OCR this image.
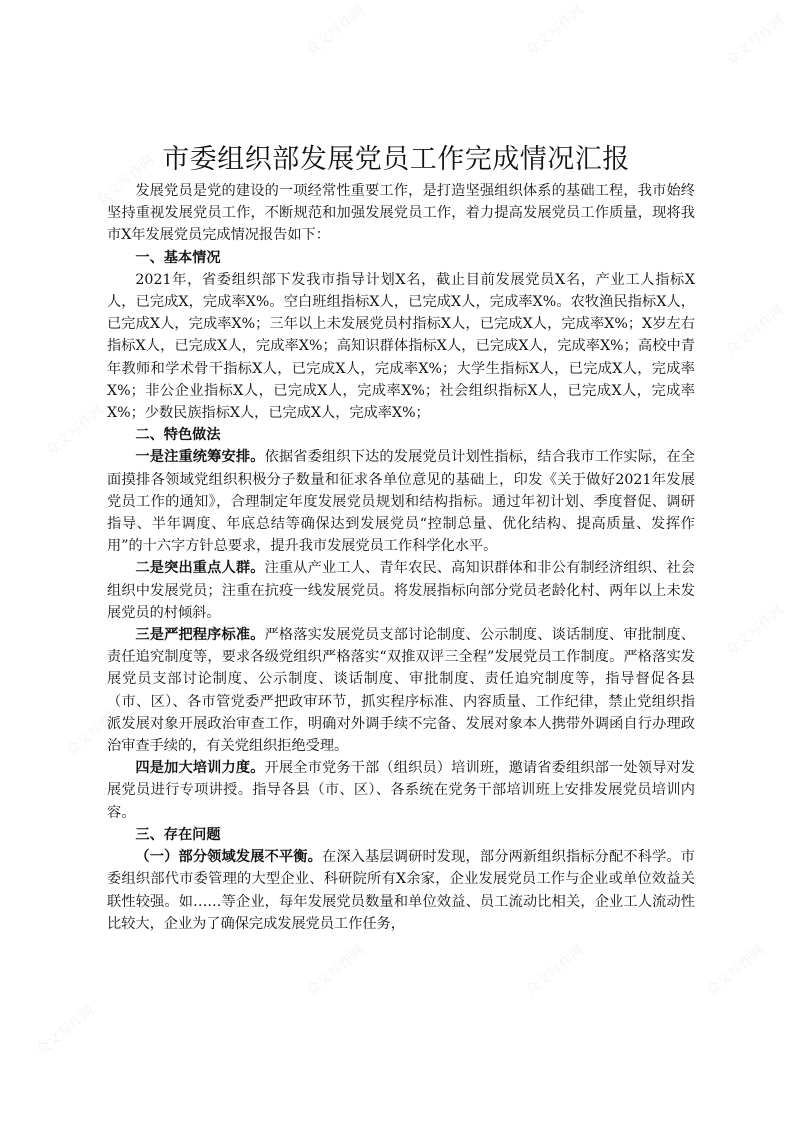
众文写作网	众文写作网	众文写作网
众文写作网
众文写作网
众文写作网
众文写作网
众文写作网
众文写作网	众文写作网	众文写作网
众文写作网
市委组织部发展党员工作完成情况汇报

发展党员是党的建设的一项经常性重要工作，是打造坚强组织体系的基础工程，我市始终坚持重视发展党员工作，不断规范和加强发展党员工作，着力提高发展党员工作质量，现将我市X年发展党员完成情况报告如下：

一、基本情况

2021年，省委组织部下发我市指导计划X名，截止目前发展党员X名，产业工人指标X人，已完成X，完成率X%。空白班组指标X人，已完成X人，完成率X%。农牧渔民指标X人，已完成X人，完成率X%；三年以上未发展党员村指标X人，已完成X人，完成率X%；X岁左右指标X人，已完成X人，完成率X%；高知识群体指标X人，已完成X人，完成率X%；高校中青年教师和学术骨干指标X人，已完成X人，完成率X%；大学生指标X人，已完成X人，完成率X%；非公企业指标X人，已完成X人，完成率X%；社会组织指标X人，已完成X人，完成率X%；少数民族指标X人，已完成X人，完成率X%；

二、特色做法

一是注重统筹安排。依据省委组织下达的发展党员计划性指标，结合我市工作实际，在全面摸排各领域党组织积极分子数量和征求各单位意见的基础上，印发《关于做好2021年发展党员工作的通知》，合理制定年度发展党员规划和结构指标。通过年初计划、季度督促、调研指导、半年调度、年底总结等确保达到发展党员“控制总量、优化结构、提高质量、发挥作用”的十六字方针总要求，提升我市发展党员工作科学化水平。

二是突出重点人群。注重从产业工人、青年农民、高知识群体和非公有制经济组织、社会组织中发展党员；注重在抗疫一线发展党员。将发展指标向部分党员老龄化村、两年以上未发展党员的村倾斜。

三是严把程序标准。严格落实发展党员支部讨论制度、公示制度、谈话制度、审批制度、责任追究制度等，要求各级党组织严格落实“双推双评三全程”发展党员工作制度。严格落实发展党员支部讨论制度、公示制度、谈话制度、审批制度、责任追究制度等，指导督促各县（市、区）、各市管党委严把政审环节，抓实程序标准、内容质量、工作纪律，禁止党组织指派发展对象开展政治审查工作，明确对外调手续不完备、发展对象本人携带外调函自行办理政治审查手续的，有关党组织拒绝受理。

四是加大培训力度。开展全市党务干部（组织员）培训班，邀请省委组织部一处领导对发展党员进行专项讲授。指导各县（市、区）、各系统在党务干部培训班上安排发展党员培训内容。

三、存在问题

（一）部分领域发展不平衡。在深入基层调研时发现，部分两新组织指标分配不科学。市委组织部代市委管理的大型企业、科研院所有X余家，企业发展党员工作与企业或单位效益关联性较强。如……等企业，每年发展党员数量和单位效益、员工流动比相关，企业工人流动性比较大，企业为了确保完成发展党员工作任务，
